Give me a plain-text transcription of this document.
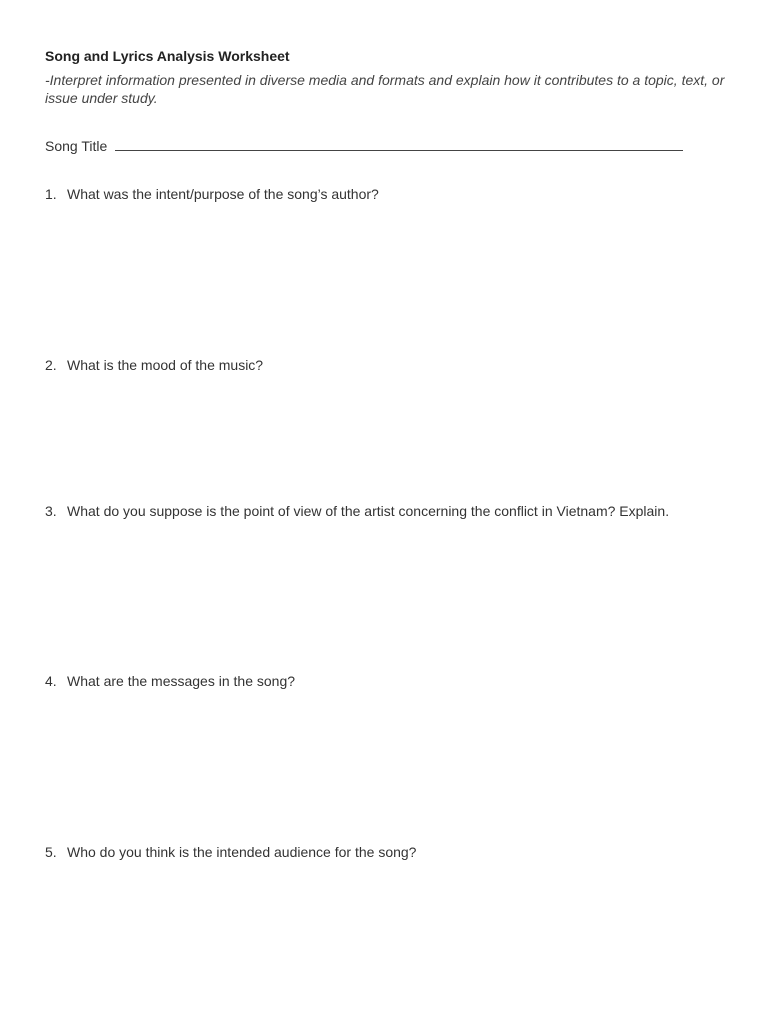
Song and Lyrics Analysis Worksheet
-Interpret information presented in diverse media and formats and explain how it contributes to a topic, text, or issue under study.
Song Title
1. What was the intent/purpose of the song’s author?
2. What is the mood of the music?
3. What do you suppose is the point of view of the artist concerning the conflict in Vietnam? Explain.
4. What are the messages in the song?
5. Who do you think is the intended audience for the song?
